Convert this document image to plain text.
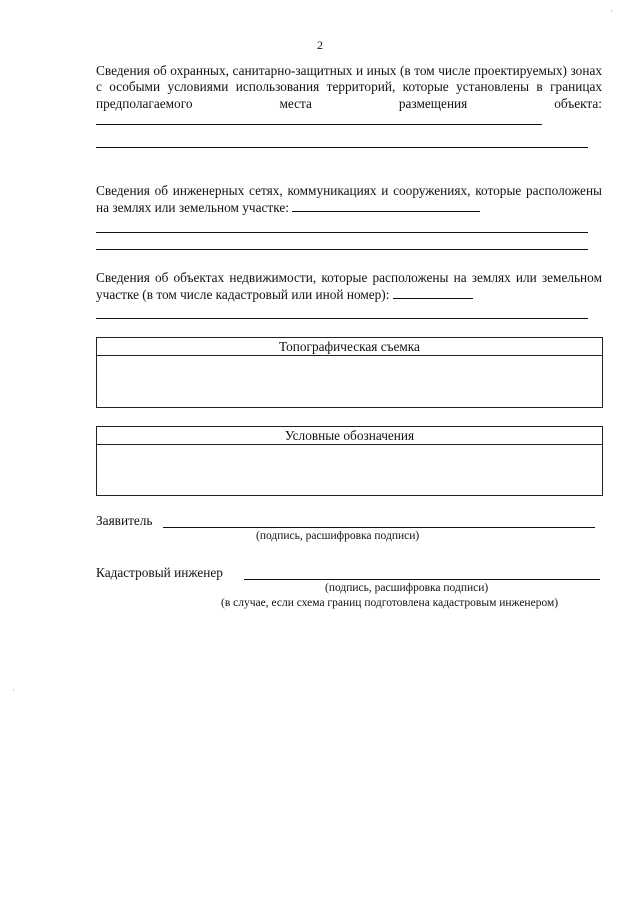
2
Сведения об охранных, санитарно-защитных и иных (в том числе проектируемых) зонах с особыми условиями использования территорий, которые установлены в границах предполагаемого места размещения объекта:
Сведения об инженерных сетях, коммуникациях и сооружениях, которые расположены на землях или земельном участке:
Сведения об объектах недвижимости, которые расположены на землях или земельном участке (в том числе кадастровый или иной номер):
Топографическая съемка
Условные обозначения
Заявитель
(подпись, расшифровка подписи)
Кадастровый инженер
(подпись, расшифровка подписи)
(в случае, если схема границ подготовлена кадастровым инженером)
·
·
